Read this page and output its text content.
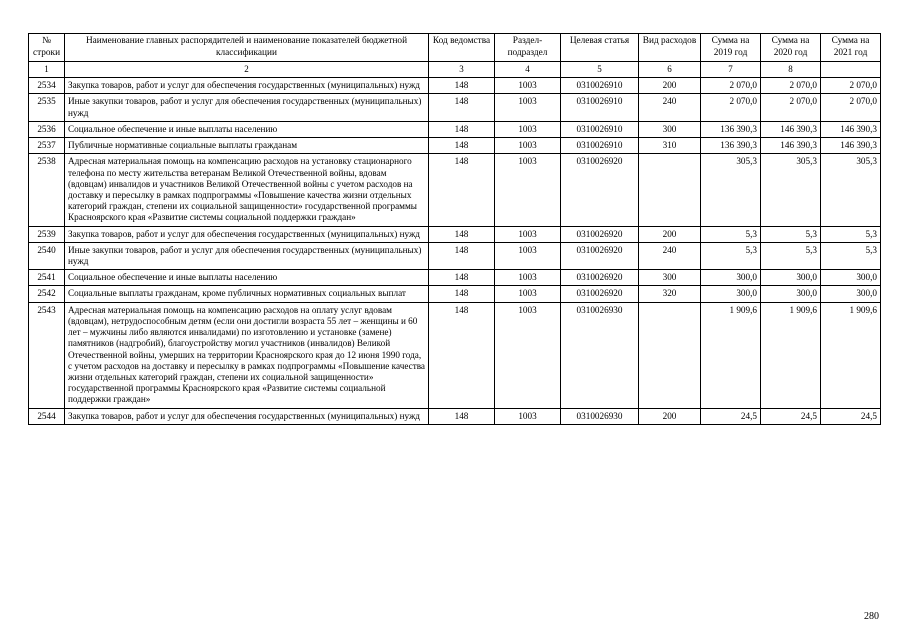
№ строки	Наименование главных распорядителей и наименование показателей бюджетной классификации	Код ведомства	Раздел-подраздел	Целевая статья	Вид расходов	Сумма на 2019 год	Сумма на 2020 год	Сумма на 2021 год
1	2	3	4	5	6	7	8	
2534	Закупка товаров, работ и услуг для обеспечения государственных (муниципальных) нужд	148	1003	0310026910	200	2 070,0	2 070,0	2 070,0
2535	Иные закупки товаров, работ и услуг для обеспечения государственных (муниципальных) нужд	148	1003	0310026910	240	2 070,0	2 070,0	2 070,0
2536	Социальное обеспечение и иные выплаты населению	148	1003	0310026910	300	136 390,3	146 390,3	146 390,3
2537	Публичные нормативные социальные выплаты гражданам	148	1003	0310026910	310	136 390,3	146 390,3	146 390,3
2538	Адресная материальная помощь на компенсацию расходов на установку стационарного телефона по месту жительства ветеранам Великой Отечественной войны, вдовам (вдовцам) инвалидов и участников Великой Отечественной войны с учетом расходов на доставку и пересылку в рамках подпрограммы «Повышение качества жизни отдельных категорий граждан, степени их социальной защищенности» государственной программы Красноярского края «Развитие системы социальной поддержки граждан»	148	1003	0310026920		305,3	305,3	305,3
2539	Закупка товаров, работ и услуг для обеспечения государственных (муниципальных) нужд	148	1003	0310026920	200	5,3	5,3	5,3
2540	Иные закупки товаров, работ и услуг для обеспечения государственных (муниципальных) нужд	148	1003	0310026920	240	5,3	5,3	5,3
2541	Социальное обеспечение и иные выплаты населению	148	1003	0310026920	300	300,0	300,0	300,0
2542	Социальные выплаты гражданам, кроме публичных нормативных социальных выплат	148	1003	0310026920	320	300,0	300,0	300,0
2543	Адресная материальная помощь на компенсацию расходов на оплату услуг вдовам (вдовцам), нетрудоспособным детям (если они достигли возраста 55 лет – женщины и 60 лет – мужчины либо являются инвалидами) по изготовлению и установке (замене) памятников (надгробий), благоустройству могил участников (инвалидов) Великой Отечественной войны, умерших на территории Красноярского края до 12 июня 1990 года, с учетом расходов на доставку и пересылку в рамках подпрограммы «Повышение качества жизни отдельных категорий граждан, степени их социальной защищенности» государственной программы Красноярского края «Развитие системы социальной поддержки граждан»	148	1003	0310026930		1 909,6	1 909,6	1 909,6
2544	Закупка товаров, работ и услуг для обеспечения государственных (муниципальных) нужд	148	1003	0310026930	200	24,5	24,5	24,5
280
